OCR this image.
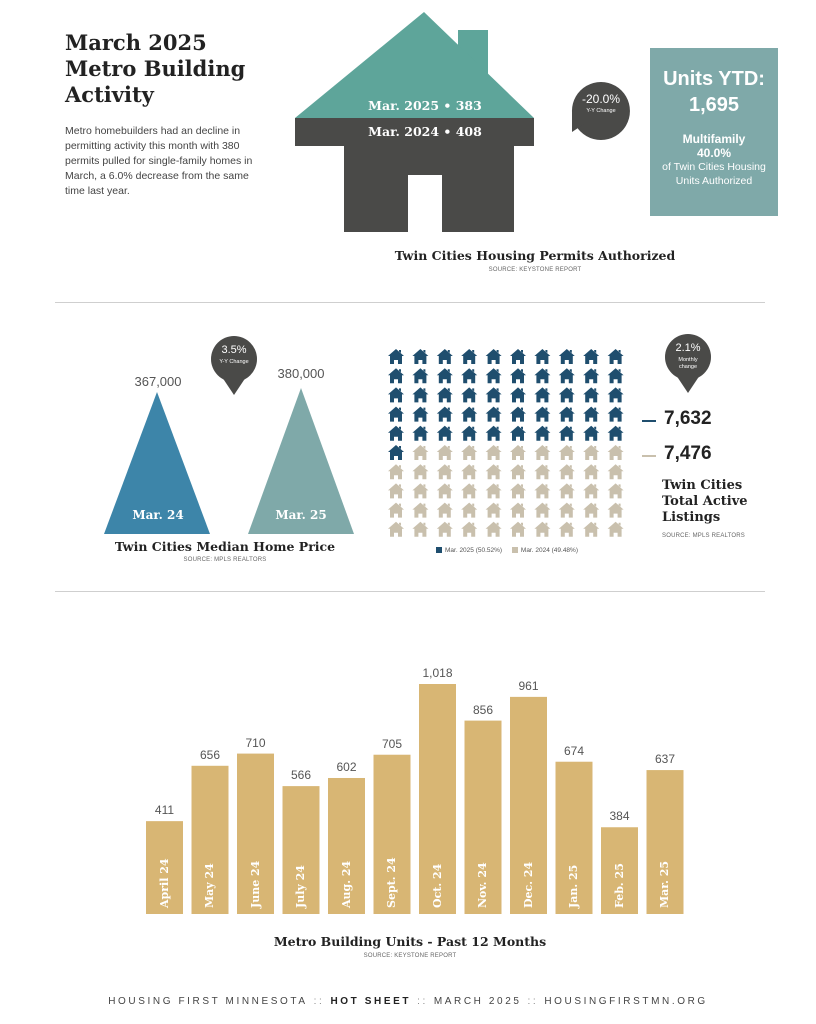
March 2025
Metro Building
Activity
Metro homebuilders had an decline in permitting activity this month with 380 permits pulled for single-family homes in March, a 6.0% decrease from the same time last year.
Mar. 2025 • 383
Mar. 2024 • 408
-20.0%
Y-Y Change
Units YTD:
1,695
Multifamily
40.0%
of Twin Cities Housing
Units Authorized
Twin Cities Housing Permits Authorized
SOURCE: KEYSTONE REPORT
Mar. 24	Mar. 25
367,000
380,000
3.5%
Y-Y Change
Twin Cities Median Home Price
SOURCE: MPLS REALTORS
Mar. 2025 (50.52%)	Mar. 2024 (49.48%)
2.1%
Monthly
change
7,632
7,476
Twin Cities
Total Active
Listings
SOURCE: MPLS REALTORS
411
April 24
656
May 24
710
June 24
566
July 24
602
Aug. 24
705
Sept. 24
1,018
Oct. 24
856
Nov. 24
961
Dec. 24
674
Jan. 25
384
Feb. 25
637
Mar. 25
Metro Building Units - Past 12 Months
SOURCE: KEYSTONE REPORT
HOUSING FIRST MINNESOTA :: HOT SHEET :: MARCH 2025 :: HOUSINGFIRSTMN.ORG
